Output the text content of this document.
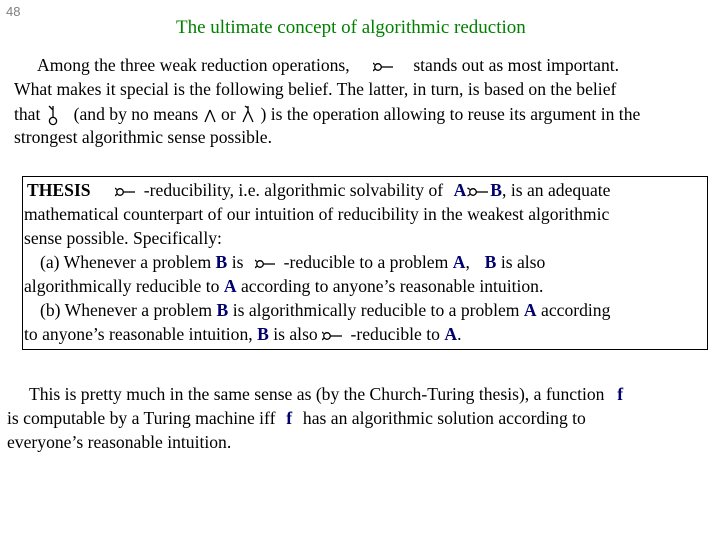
48
The ultimate concept of algorithmic reduction
Among the three weak reduction operations,	stands out as most important.
What makes it special is the following belief. The latter, in turn, is based on the belief
that (and by no means or ) is the operation allowing to reuse its argument in the
strongest algorithmic sense possible.
THESIS	-reducibility, i.e. algorithmic solvability of A B, is an adequate
mathematical counterpart of our intuition of reducibility in the weakest algorithmic
sense possible. Specifically:
(a) Whenever a problem B is -reducible to a problem A, B is also
algorithmically reducible to A according to anyone’s reasonable intuition.
(b) Whenever a problem B is algorithmically reducible to a problem A according
to anyone’s reasonable intuition, B is also -reducible to A.
This is pretty much in the same sense as (by the Church-Turing thesis), a function f
is computable by a Turing machine iff f has an algorithmic solution according to
everyone’s reasonable intuition.
